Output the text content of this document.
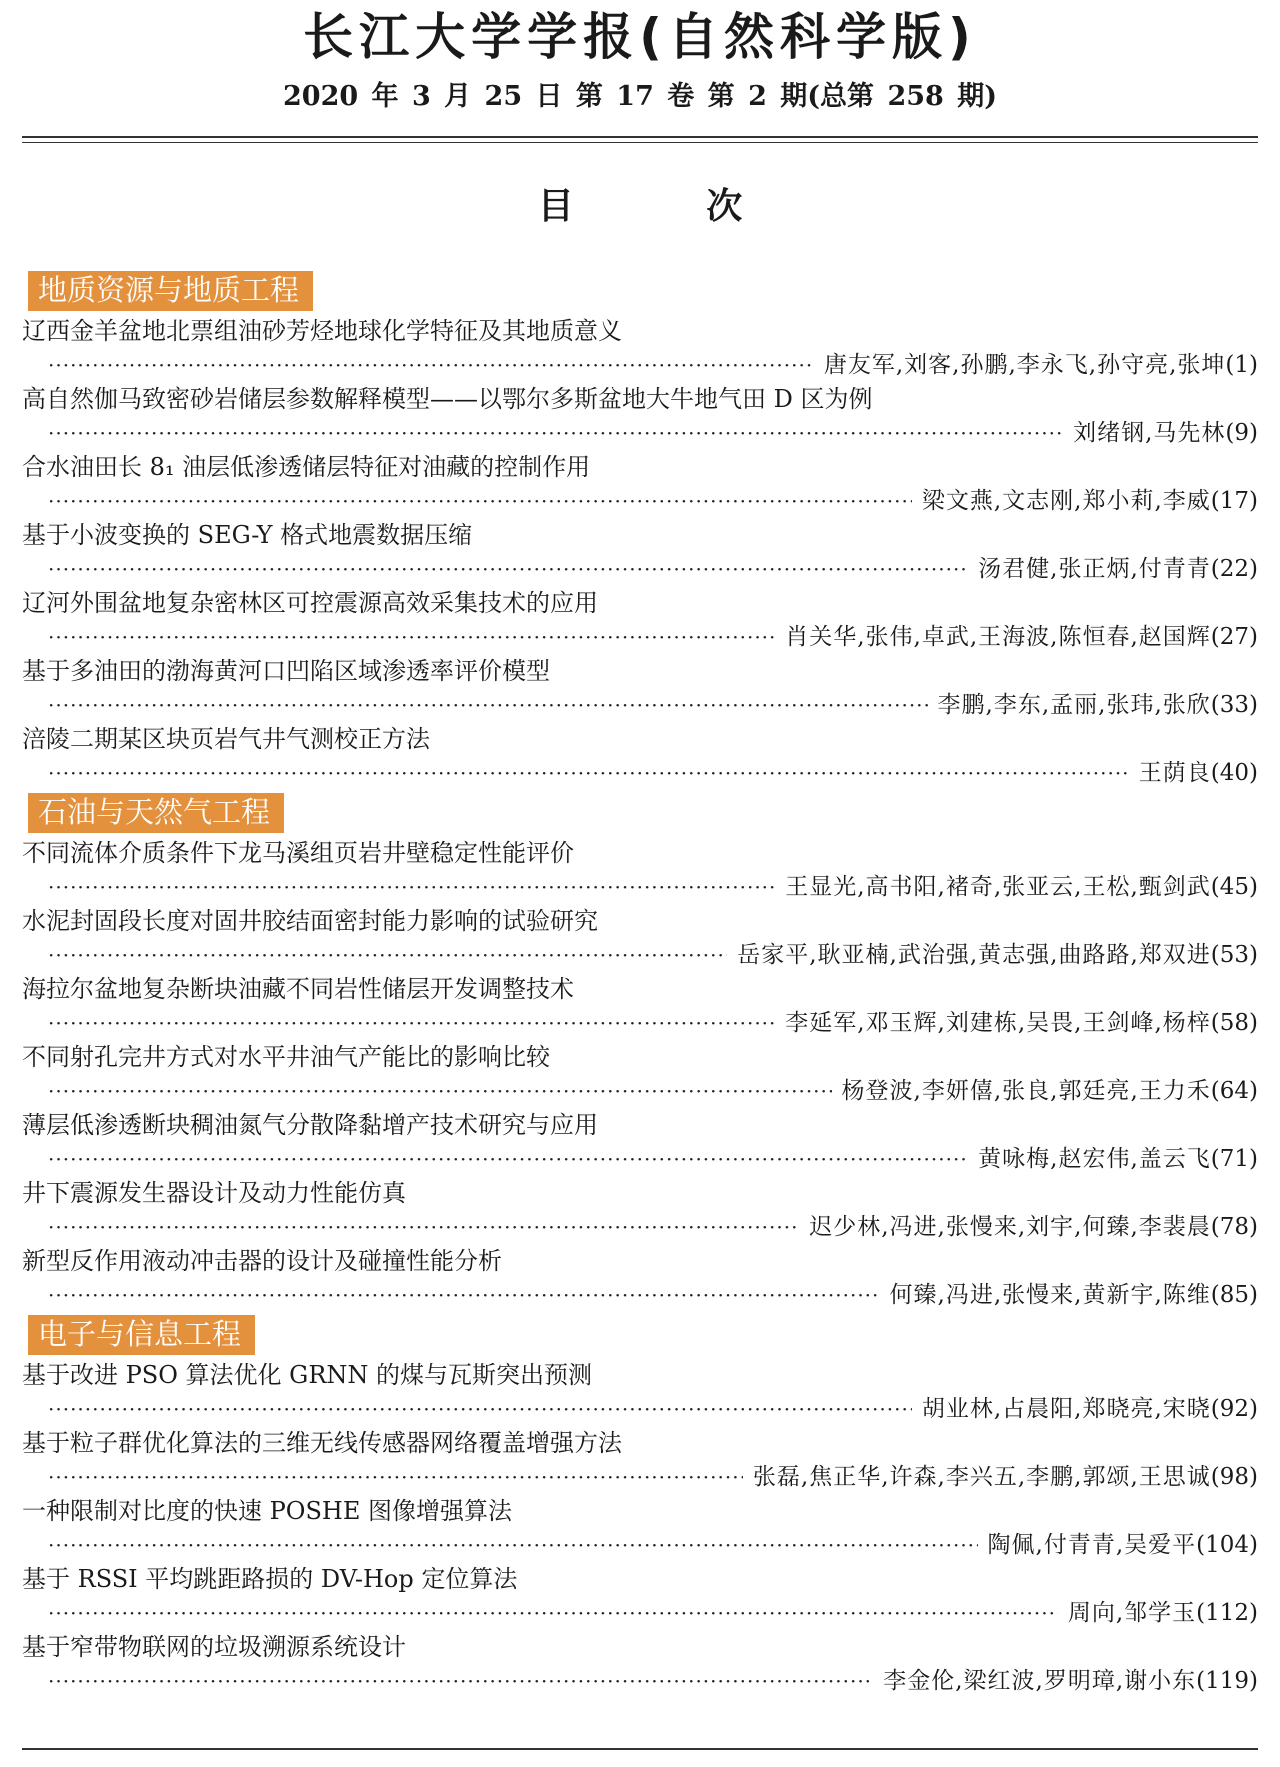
长江大学学报(自然科学版)
2020 年 3 月 25 日 第 17 卷 第 2 期(总第 258 期)
目 次
地质资源与地质工程
辽西金羊盆地北票组油砂芳烃地球化学特征及其地质意义
·····
唐友军,刘客,孙鹏,李永飞,孙守亮,张坤 (1)
高自然伽马致密砂岩储层参数解释模型——以鄂尔多斯盆地大牛地气田 D 区为例
·····
刘绪钢,马先林 (9)
合水油田长 8₁ 油层低渗透储层特征对油藏的控制作用
·····
梁文燕,文志刚,郑小莉,李威 (17)
基于小波变换的 SEG-Y 格式地震数据压缩
·····
汤君健,张正炳,付青青 (22)
辽河外围盆地复杂密林区可控震源高效采集技术的应用
·····
肖关华,张伟,卓武,王海波,陈恒春,赵国辉 (27)
基于多油田的渤海黄河口凹陷区域渗透率评价模型
·····
李鹏,李东,孟丽,张玮,张欣 (33)
涪陵二期某区块页岩气井气测校正方法
·····
王荫良 (40)
石油与天然气工程
不同流体介质条件下龙马溪组页岩井壁稳定性能评价
·····
王显光,高书阳,褚奇,张亚云,王松,甄剑武 (45)
水泥封固段长度对固井胶结面密封能力影响的试验研究
·····
岳家平,耿亚楠,武治强,黄志强,曲路路,郑双进 (53)
海拉尔盆地复杂断块油藏不同岩性储层开发调整技术
·····
李延军,邓玉辉,刘建栋,吴畏,王剑峰,杨梓 (58)
不同射孔完井方式对水平井油气产能比的影响比较
·····
杨登波,李妍僖,张良,郭廷亮,王力禾 (64)
薄层低渗透断块稠油氮气分散降黏增产技术研究与应用
·····
黄咏梅,赵宏伟,盖云飞 (71)
井下震源发生器设计及动力性能仿真
·····
迟少林,冯进,张慢来,刘宇,何臻,李裴晨 (78)
新型反作用液动冲击器的设计及碰撞性能分析
·····
何臻,冯进,张慢来,黄新宇,陈维 (85)
电子与信息工程
基于改进 PSO 算法优化 GRNN 的煤与瓦斯突出预测
·····
胡业林,占晨阳,郑晓亮,宋晓 (92)
基于粒子群优化算法的三维无线传感器网络覆盖增强方法
·····
张磊,焦正华,许森,李兴五,李鹏,郭颂,王思诚 (98)
一种限制对比度的快速 POSHE 图像增强算法
·····
陶佩,付青青,吴爱平 (104)
基于 RSSI 平均跳距路损的 DV-Hop 定位算法
·····
周向,邹学玉 (112)
基于窄带物联网的垃圾溯源系统设计
·····
李金伦,梁红波,罗明璋,谢小东 (119)
